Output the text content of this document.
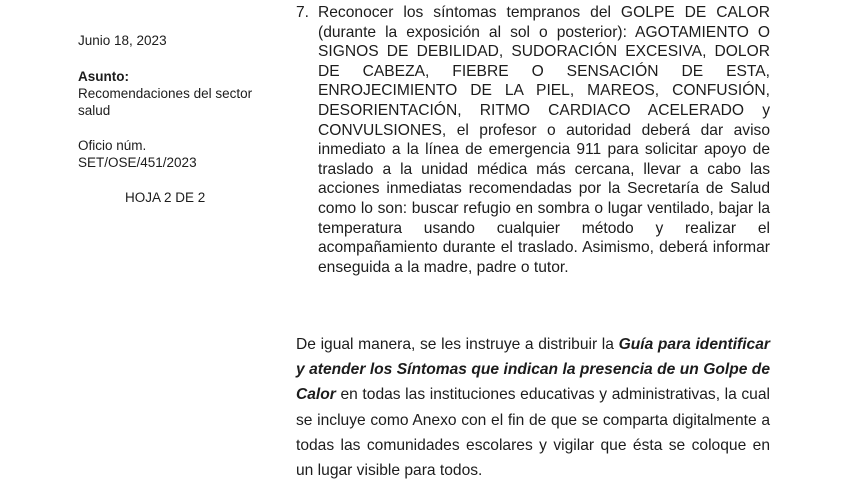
Junio 18, 2023
Asunto:
Recomendaciones del sector salud
Oficio núm.
SET/OSE/451/2023
HOJA 2 DE 2
7. Reconocer los síntomas tempranos del GOLPE DE CALOR (durante la exposición al sol o posterior): AGOTAMIENTO O SIGNOS DE DEBILIDAD, SUDORACIÓN EXCESIVA, DOLOR DE CABEZA, FIEBRE O SENSACIÓN DE ESTA, ENROJECIMIENTO DE LA PIEL, MAREOS, CONFUSIÓN, DESORIENTACIÓN, RITMO CARDIACO ACELERADO y CONVULSIONES, el profesor o autoridad deberá dar aviso inmediato a la línea de emergencia 911 para solicitar apoyo de traslado a la unidad médica más cercana, llevar a cabo las acciones inmediatas recomendadas por la Secretaría de Salud como lo son: buscar refugio en sombra o lugar ventilado, bajar la temperatura usando cualquier método y realizar el acompañamiento durante el traslado. Asimismo, deberá informar enseguida a la madre, padre o tutor.
De igual manera, se les instruye a distribuir la Guía para identificar y atender los Síntomas que indican la presencia de un Golpe de Calor en todas las instituciones educativas y administrativas, la cual se incluye como Anexo con el fin de que se comparta digitalmente a todas las comunidades escolares y vigilar que ésta se coloque en un lugar visible para todos.
